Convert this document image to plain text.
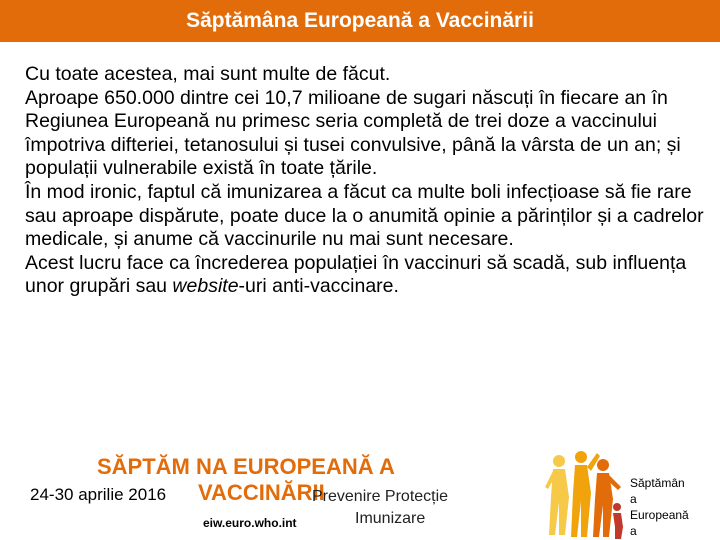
Săptămâna Europeană a Vaccinării

Cu toate acestea, mai sunt multe de făcut.

Aproape 650.000 dintre cei 10,7 milioane de sugari născuți în fiecare an în Regiunea Europeană nu primesc seria completă de trei doze a vaccinului împotriva difteriei, tetanosului și tusei convulsive, până la vârsta de un an; și populații vulnerabile există în toate țările.

În mod ironic, faptul că imunizarea a făcut ca multe boli infecțioase să fie rare sau aproape dispărute, poate duce la o anumită opinie a părinților și a cadrelor medicale, și anume că vaccinurile nu mai sunt necesare.

Acest lucru face ca încrederea populației în vaccinuri să scadă, sub influența unor grupări sau website-uri anti-vaccinare.

SĂPTĂM NA EUROPEANĂ A
24-30 aprilie 2016 VACCINĂRII
Prevenire Protecție
Imunizare
eiw.euro.who.int
Săptămân
a
Europeană
a
